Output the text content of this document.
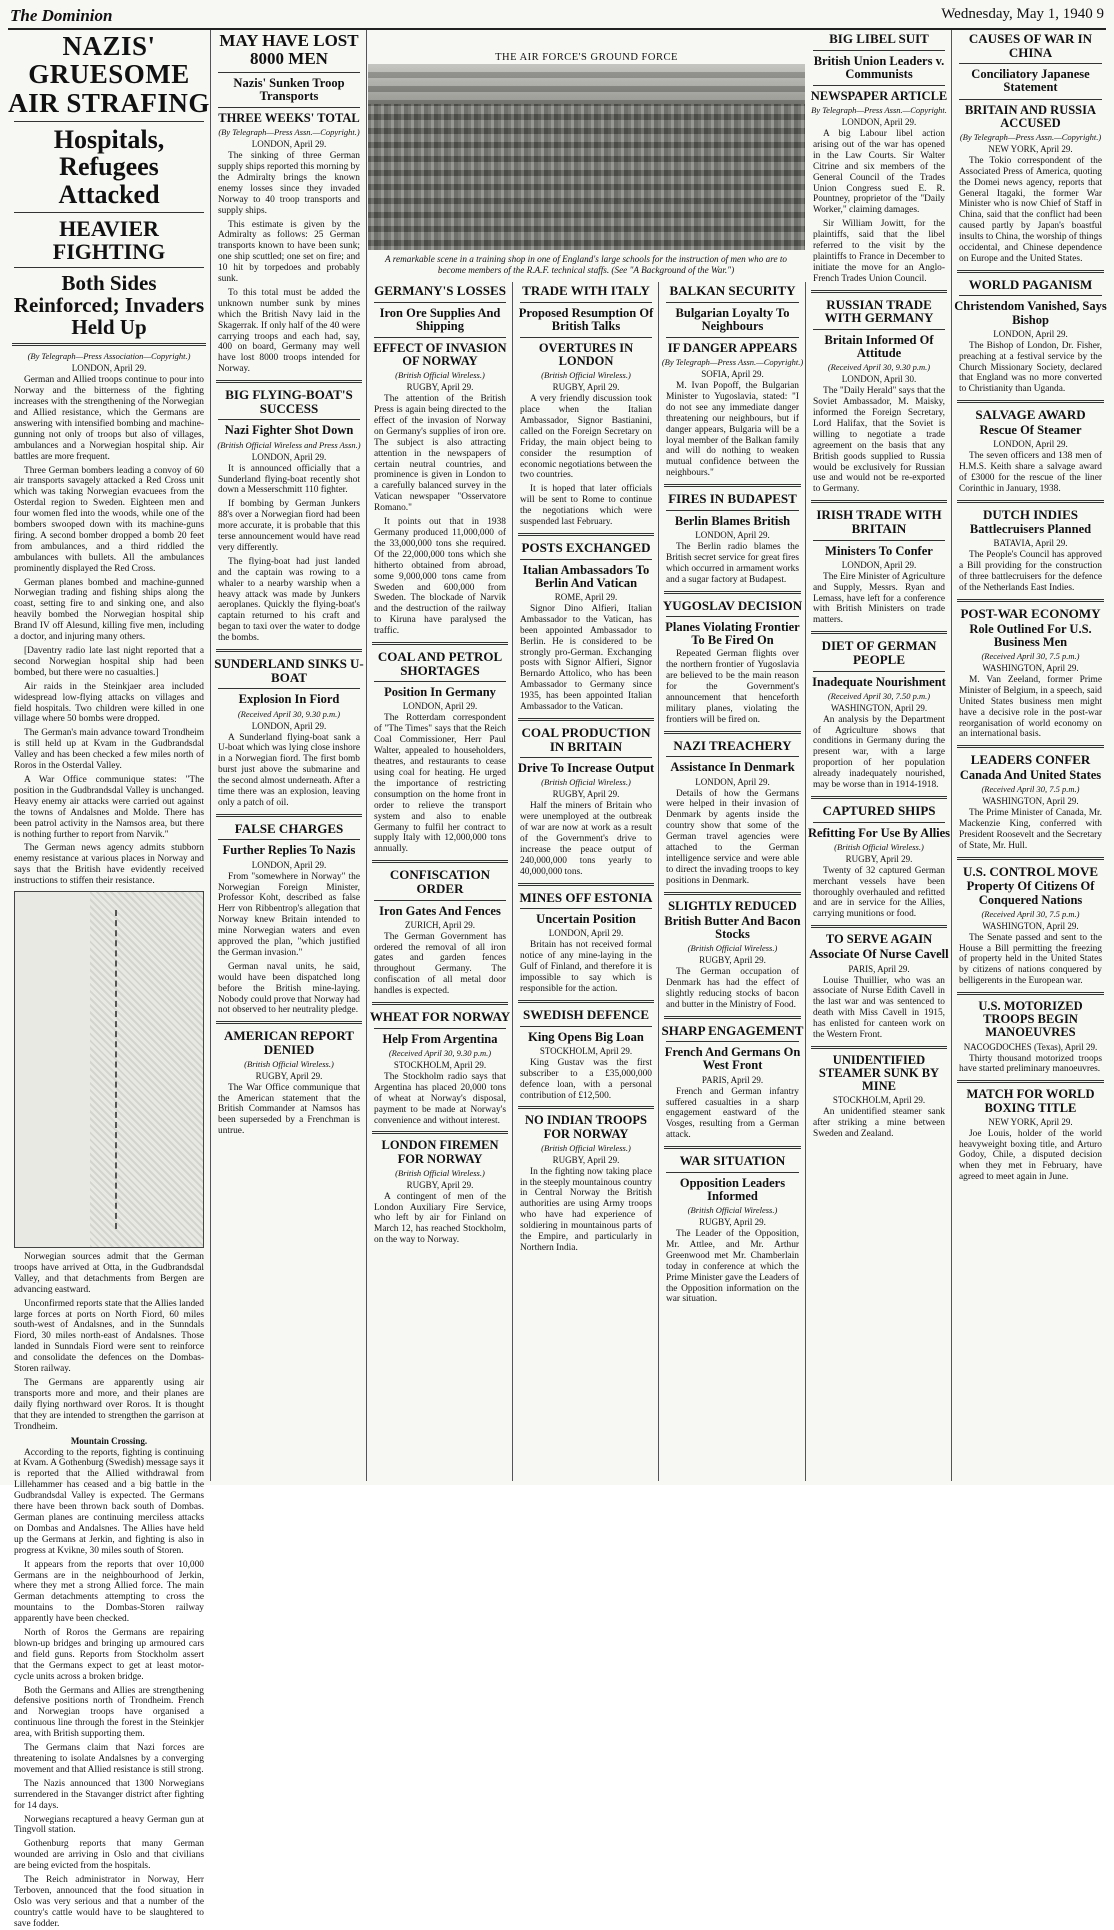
The Dominion	Wednesday, May 1, 1940 9
NAZIS' GRUESOME AIR STRAFING
Hospitals, Refugees Attacked
HEAVIER FIGHTING
Both Sides Reinforced; Invaders Held Up
(By Telegraph—Press Association—Copyright.)
LONDON, April 29.

German and Allied troops continue to pour into Norway and the bitterness of the fighting increases with the strengthening of the Norwegian and Allied resistance, which the Germans are answering with intensified bombing and machine-gunning not only of troops but also of villages, ambulances and a Norwegian hospital ship. Air battles are more frequent.

Three German bombers leading a convoy of 60 air transports savagely attacked a Red Cross unit which was taking Norwegian evacuees from the Osterdal region to Sweden. Eighteen men and four women fled into the woods, while one of the bombers swooped down with its machine-guns firing. A second bomber dropped a bomb 20 feet from ambulances, and a third riddled the ambulances with bullets. All the ambulances prominently displayed the Red Cross.

German planes bombed and machine-gunned Norwegian trading and fishing ships along the coast, setting fire to and sinking one, and also heavily bombed the Norwegian hospital ship Brand IV off Alesund, killing five men, including a doctor, and injuring many others.

[Daventry radio late last night reported that a second Norwegian hospital ship had been bombed, but there were no casualties.]

Air raids in the Steinkjaer area included widespread low-flying attacks on villages and field hospitals. Two children were killed in one village where 50 bombs were dropped.

The German's main advance toward Trondheim is still held up at Kvam in the Gudbrandsdal Valley and has been checked a few miles north of Roros in the Osterdal Valley.

A War Office communique states: "The position in the Gudbrandsdal Valley is unchanged. Heavy enemy air attacks were carried out against the towns of Andalsnes and Molde. There has been patrol activity in the Namsos area, but there is nothing further to report from Narvik."

The German news agency admits stubborn enemy resistance at various places in Norway and says that the British have evidently received instructions to stiffen their resistance.

Norwegian sources admit that the German troops have arrived at Otta, in the Gudbrandsdal Valley, and that detachments from Bergen are advancing eastward.

Unconfirmed reports state that the Allies landed large forces at ports on North Fiord, 60 miles south-west of Andalsnes, and in the Sunndals Fiord, 30 miles north-east of Andalsnes. Those landed in Sunndals Fiord were sent to reinforce and consolidate the defences on the Dombas-Storen railway.

The Germans are apparently using air transports more and more, and their planes are daily flying northward over Roros. It is thought that they are intended to strengthen the garrison at Trondheim.

Mountain Crossing.

According to the reports, fighting is continuing at Kvam. A Gothenburg (Swedish) message says it is reported that the Allied withdrawal from Lillehammer has ceased and a big battle in the Gudbrandsdal Valley is expected. The Germans there have been thrown back south of Dombas. German planes are continuing merciless attacks on Dombas and Andalsnes. The Allies have held up the Germans at Jerkin, and fighting is also in progress at Kvikne, 30 miles south of Storen.

It appears from the reports that over 10,000 Germans are in the neighbourhood of Jerkin, where they met a strong Allied force. The main German detachments attempting to cross the mountains to the Dombas-Storen railway apparently have been checked.

North of Roros the Germans are repairing blown-up bridges and bringing up armoured cars and field guns. Reports from Stockholm assert that the Germans expect to get at least motor-cycle units across a broken bridge.

Both the Germans and Allies are strengthening defensive positions north of Trondheim. French and Norwegian troops have organised a continuous line through the forest in the Steinkjer area, with British supporting them.

The Germans claim that Nazi forces are threatening to isolate Andalsnes by a converging movement and that Allied resistance is still strong.

The Nazis announced that 1300 Norwegians surrendered in the Stavanger district after fighting for 14 days.

Norwegians recaptured a heavy German gun at Tingvoll station.

Gothenburg reports that many German wounded are arriving in Oslo and that civilians are being evicted from the hospitals.

The Reich administrator in Norway, Herr Terboven, announced that the food situation in Oslo was very serious and that a number of the country's cattle would have to be slaughtered to save fodder.

MAY HAVE LOST 8000 MEN
Nazis' Sunken Troop Transports
THREE WEEKS' TOTAL
(By Telegraph—Press Assn.—Copyright.)
LONDON, April 29.

The sinking of three German supply ships reported this morning by the Admiralty brings the known enemy losses since they invaded Norway to 40 troop transports and supply ships.

This estimate is given by the Admiralty as follows: 25 German transports known to have been sunk; one ship scuttled; one set on fire; and 10 hit by torpedoes and probably sunk.

To this total must be added the unknown number sunk by mines which the British Navy laid in the Skagerrak. If only half of the 40 were carrying troops and each had, say, 400 on board, Germany may well have lost 8000 troops intended for Norway.

BIG FLYING-BOAT'S SUCCESS
Nazi Fighter Shot Down
(British Official Wireless and Press Assn.)
LONDON, April 29.

It is announced officially that a Sunderland flying-boat recently shot down a Messerschmitt 110 fighter.

If bombing by German Junkers 88's over a Norwegian fiord had been more accurate, it is probable that this terse announcement would have read very differently.

The flying-boat had just landed and the captain was rowing to a whaler to a nearby warship when a heavy attack was made by Junkers aeroplanes. Quickly the flying-boat's captain returned to his craft and began to taxi over the water to dodge the bombs.

SUNDERLAND SINKS U-BOAT
Explosion In Fiord
(Received April 30, 9.30 p.m.)
LONDON, April 29.

A Sunderland flying-boat sank a U-boat which was lying close inshore in a Norwegian fiord. The first bomb burst just above the submarine and the second almost underneath. After a time there was an explosion, leaving only a patch of oil.

FALSE CHARGES
Further Replies To Nazis
LONDON, April 29.

From "somewhere in Norway" the Norwegian Foreign Minister, Professor Koht, described as false Herr von Ribbentrop's allegation that Norway knew Britain intended to mine Norwegian waters and even approved the plan, "which justified the German invasion."

German naval units, he said, would have been dispatched long before the British mine-laying. Nobody could prove that Norway had not observed to her neutrality pledge.

AMERICAN REPORT DENIED
(British Official Wireless.)
RUGBY, April 29.

The War Office communique that the American statement that the British Commander at Namsos has been superseded by a Frenchman is untrue.

THE AIR FORCE'S GROUND FORCE
A remarkable scene in a training shop in one of England's large schools for the instruction of men who are to become members of the R.A.F. technical staffs. (See "A Background of the War.")
GERMANY'S LOSSES
Iron Ore Supplies And Shipping
EFFECT OF INVASION OF NORWAY
(British Official Wireless.)
RUGBY, April 29.

The attention of the British Press is again being directed to the effect of the invasion of Norway on Germany's supplies of iron ore. The subject is also attracting attention in the newspapers of certain neutral countries, and prominence is given in London to a carefully balanced survey in the Vatican newspaper "Osservatore Romano."

It points out that in 1938 Germany produced 11,000,000 of the 33,000,000 tons she required. Of the 22,000,000 tons which she hitherto obtained from abroad, some 9,000,000 tons came from Sweden and 600,000 from Sweden. The blockade of Narvik and the destruction of the railway to Kiruna have paralysed the traffic.

COAL AND PETROL SHORTAGES
Position In Germany
LONDON, April 29.

The Rotterdam correspondent of "The Times" says that the Reich Coal Commissioner, Herr Paul Walter, appealed to householders, theatres, and restaurants to cease using coal for heating. He urged the importance of restricting consumption on the home front in order to relieve the transport system and also to enable Germany to fulfil her contract to supply Italy with 12,000,000 tons annually.

CONFISCATION ORDER
Iron Gates And Fences
ZURICH, April 29.

The German Government has ordered the removal of all iron gates and garden fences throughout Germany. The confiscation of all metal door handles is expected.

WHEAT FOR NORWAY
Help From Argentina
(Received April 30, 9.30 p.m.)
STOCKHOLM, April 29.

The Stockholm radio says that Argentina has placed 20,000 tons of wheat at Norway's disposal, payment to be made at Norway's convenience and without interest.

LONDON FIREMEN FOR NORWAY
(British Official Wireless.)
RUGBY, April 29.

A contingent of men of the London Auxiliary Fire Service, who left by air for Finland on March 12, has reached Stockholm, on the way to Norway.

TRADE WITH ITALY
Proposed Resumption Of British Talks
OVERTURES IN LONDON
(British Official Wireless.)
RUGBY, April 29.

A very friendly discussion took place when the Italian Ambassador, Signor Bastianini, called on the Foreign Secretary on Friday, the main object being to consider the resumption of economic negotiations between the two countries.

It is hoped that later officials will be sent to Rome to continue the negotiations which were suspended last February.

POSTS EXCHANGED
Italian Ambassadors To Berlin And Vatican
ROME, April 29.

Signor Dino Alfieri, Italian Ambassador to the Vatican, has been appointed Ambassador to Berlin. He is considered to be strongly pro-German. Exchanging posts with Signor Alfieri, Signor Bernardo Attolico, who has been Ambassador to Germany since 1935, has been appointed Italian Ambassador to the Vatican.

COAL PRODUCTION IN BRITAIN
Drive To Increase Output
(British Official Wireless.)
RUGBY, April 29.

Half the miners of Britain who were unemployed at the outbreak of war are now at work as a result of the Government's drive to increase the peace output of 240,000,000 tons yearly to 40,000,000 tons.

MINES OFF ESTONIA
Uncertain Position
LONDON, April 29.

Britain has not received formal notice of any mine-laying in the Gulf of Finland, and therefore it is impossible to say which is responsible for the action.

SWEDISH DEFENCE
King Opens Big Loan
STOCKHOLM, April 29.

King Gustav was the first subscriber to a £35,000,000 defence loan, with a personal contribution of £12,500.

NO INDIAN TROOPS FOR NORWAY
(British Official Wireless.)
RUGBY, April 29.

In the fighting now taking place in the steeply mountainous country in Central Norway the British authorities are using Army troops who have had experience of soldiering in mountainous parts of the Empire, and particularly in Northern India.

BALKAN SECURITY
Bulgarian Loyalty To Neighbours
IF DANGER APPEARS
(By Telegraph—Press Assn.—Copyright.)
SOFIA, April 29.

M. Ivan Popoff, the Bulgarian Minister to Yugoslavia, stated: "I do not see any immediate danger threatening our neighbours, but if danger appears, Bulgaria will be a loyal member of the Balkan family and will do nothing to weaken mutual confidence between the neighbours."

FIRES IN BUDAPEST
Berlin Blames British
LONDON, April 29.

The Berlin radio blames the British secret service for great fires which occurred in armament works and a sugar factory at Budapest.

YUGOSLAV DECISION
Planes Violating Frontier To Be Fired On

Repeated German flights over the northern frontier of Yugoslavia are believed to be the main reason for the Government's announcement that henceforth military planes, violating the frontiers will be fired on.

NAZI TREACHERY
Assistance In Denmark
LONDON, April 29.

Details of how the Germans were helped in their invasion of Denmark by agents inside the country show that some of the German travel agencies were attached to the German intelligence service and were able to direct the invading troops to key positions in Denmark.

SLIGHTLY REDUCED
British Butter And Bacon Stocks
(British Official Wireless.)
RUGBY, April 29.

The German occupation of Denmark has had the effect of slightly reducing stocks of bacon and butter in the Ministry of Food.

SHARP ENGAGEMENT
French And Germans On West Front
PARIS, April 29.

French and German infantry suffered casualties in a sharp engagement eastward of the Vosges, resulting from a German attack.

WAR SITUATION
Opposition Leaders Informed
(British Official Wireless.)
RUGBY, April 29.

The Leader of the Opposition, Mr. Attlee, and Mr. Arthur Greenwood met Mr. Chamberlain today in conference at which the Prime Minister gave the Leaders of the Opposition information on the war situation.

BIG LIBEL SUIT
British Union Leaders v. Communists
NEWSPAPER ARTICLE
By Telegraph—Press Assn.—Copyright.
LONDON, April 29.

A big Labour libel action arising out of the war has opened in the Law Courts. Sir Walter Citrine and six members of the General Council of the Trades Union Congress sued E. R. Pountney, proprietor of the "Daily Worker," claiming damages.

Sir William Jowitt, for the plaintiffs, said that the libel referred to the visit by the plaintiffs to France in December to initiate the move for an Anglo-French Trades Union Council.

RUSSIAN TRADE WITH GERMANY
Britain Informed Of Attitude
(Received April 30, 9.30 p.m.)
LONDON, April 30.

The "Daily Herald" says that the Soviet Ambassador, M. Maisky, informed the Foreign Secretary, Lord Halifax, that the Soviet is willing to negotiate a trade agreement on the basis that any British goods supplied to Russia would be exclusively for Russian use and would not be re-exported to Germany.

IRISH TRADE WITH BRITAIN
Ministers To Confer
LONDON, April 29.

The Eire Minister of Agriculture and Supply, Messrs. Ryan and Lemass, have left for a conference with British Ministers on trade matters.

DIET OF GERMAN PEOPLE
Inadequate Nourishment
(Received April 30, 7.50 p.m.)
WASHINGTON, April 29.

An analysis by the Department of Agriculture shows that conditions in Germany during the present war, with a large proportion of her population already inadequately nourished, may be worse than in 1914-1918.

CAPTURED SHIPS
Refitting For Use By Allies
(British Official Wireless.)
RUGBY, April 29.

Twenty of 32 captured German merchant vessels have been thoroughly overhauled and refitted and are in service for the Allies, carrying munitions or food.

TO SERVE AGAIN
Associate Of Nurse Cavell
PARIS, April 29.

Louise Thuillier, who was an associate of Nurse Edith Cavell in the last war and was sentenced to death with Miss Cavell in 1915, has enlisted for canteen work on the Western Front.

UNIDENTIFIED STEAMER SUNK BY MINE
STOCKHOLM, April 29.

An unidentified steamer sank after striking a mine between Sweden and Zealand.

CAUSES OF WAR IN CHINA
Conciliatory Japanese Statement
BRITAIN AND RUSSIA ACCUSED
(By Telegraph—Press Assn.—Copyright.)
NEW YORK, April 29.

The Tokio correspondent of the Associated Press of America, quoting the Domei news agency, reports that General Itagaki, the former War Minister who is now Chief of Staff in China, said that the conflict had been caused partly by Japan's boastful insults to China, the worship of things occidental, and Chinese dependence on Europe and the United States.

WORLD PAGANISM
Christendom Vanished, Says Bishop
LONDON, April 29.

The Bishop of London, Dr. Fisher, preaching at a festival service by the Church Missionary Society, declared that England was no more converted to Christianity than Uganda.

SALVAGE AWARD
Rescue Of Steamer
LONDON, April 29.

The seven officers and 138 men of H.M.S. Keith share a salvage award of £3000 for the rescue of the liner Corinthic in January, 1938.

DUTCH INDIES
Battlecruisers Planned
BATAVIA, April 29.

The People's Council has approved a Bill providing for the construction of three battlecruisers for the defence of the Netherlands East Indies.

POST-WAR ECONOMY
Role Outlined For U.S. Business Men
(Received April 30, 7.5 p.m.)
WASHINGTON, April 29.

M. Van Zeeland, former Prime Minister of Belgium, in a speech, said United States business men might have a decisive role in the post-war reorganisation of world economy on an international basis.

LEADERS CONFER
Canada And United States
(Received April 30, 7.5 p.m.)
WASHINGTON, April 29.

The Prime Minister of Canada, Mr. Mackenzie King, conferred with President Roosevelt and the Secretary of State, Mr. Hull.

U.S. CONTROL MOVE
Property Of Citizens Of Conquered Nations
(Received April 30, 7.5 p.m.)
WASHINGTON, April 29.

The Senate passed and sent to the House a Bill permitting the freezing of property held in the United States by citizens of nations conquered by belligerents in the European war.

U.S. MOTORIZED TROOPS BEGIN MANOEUVRES
NACOGDOCHES (Texas), April 29.

Thirty thousand motorized troops have started preliminary manoeuvres.

MATCH FOR WORLD BOXING TITLE
NEW YORK, April 29.

Joe Louis, holder of the world heavyweight boxing title, and Arturo Godoy, Chile, a disputed decision when they met in February, have agreed to meet again in June.
